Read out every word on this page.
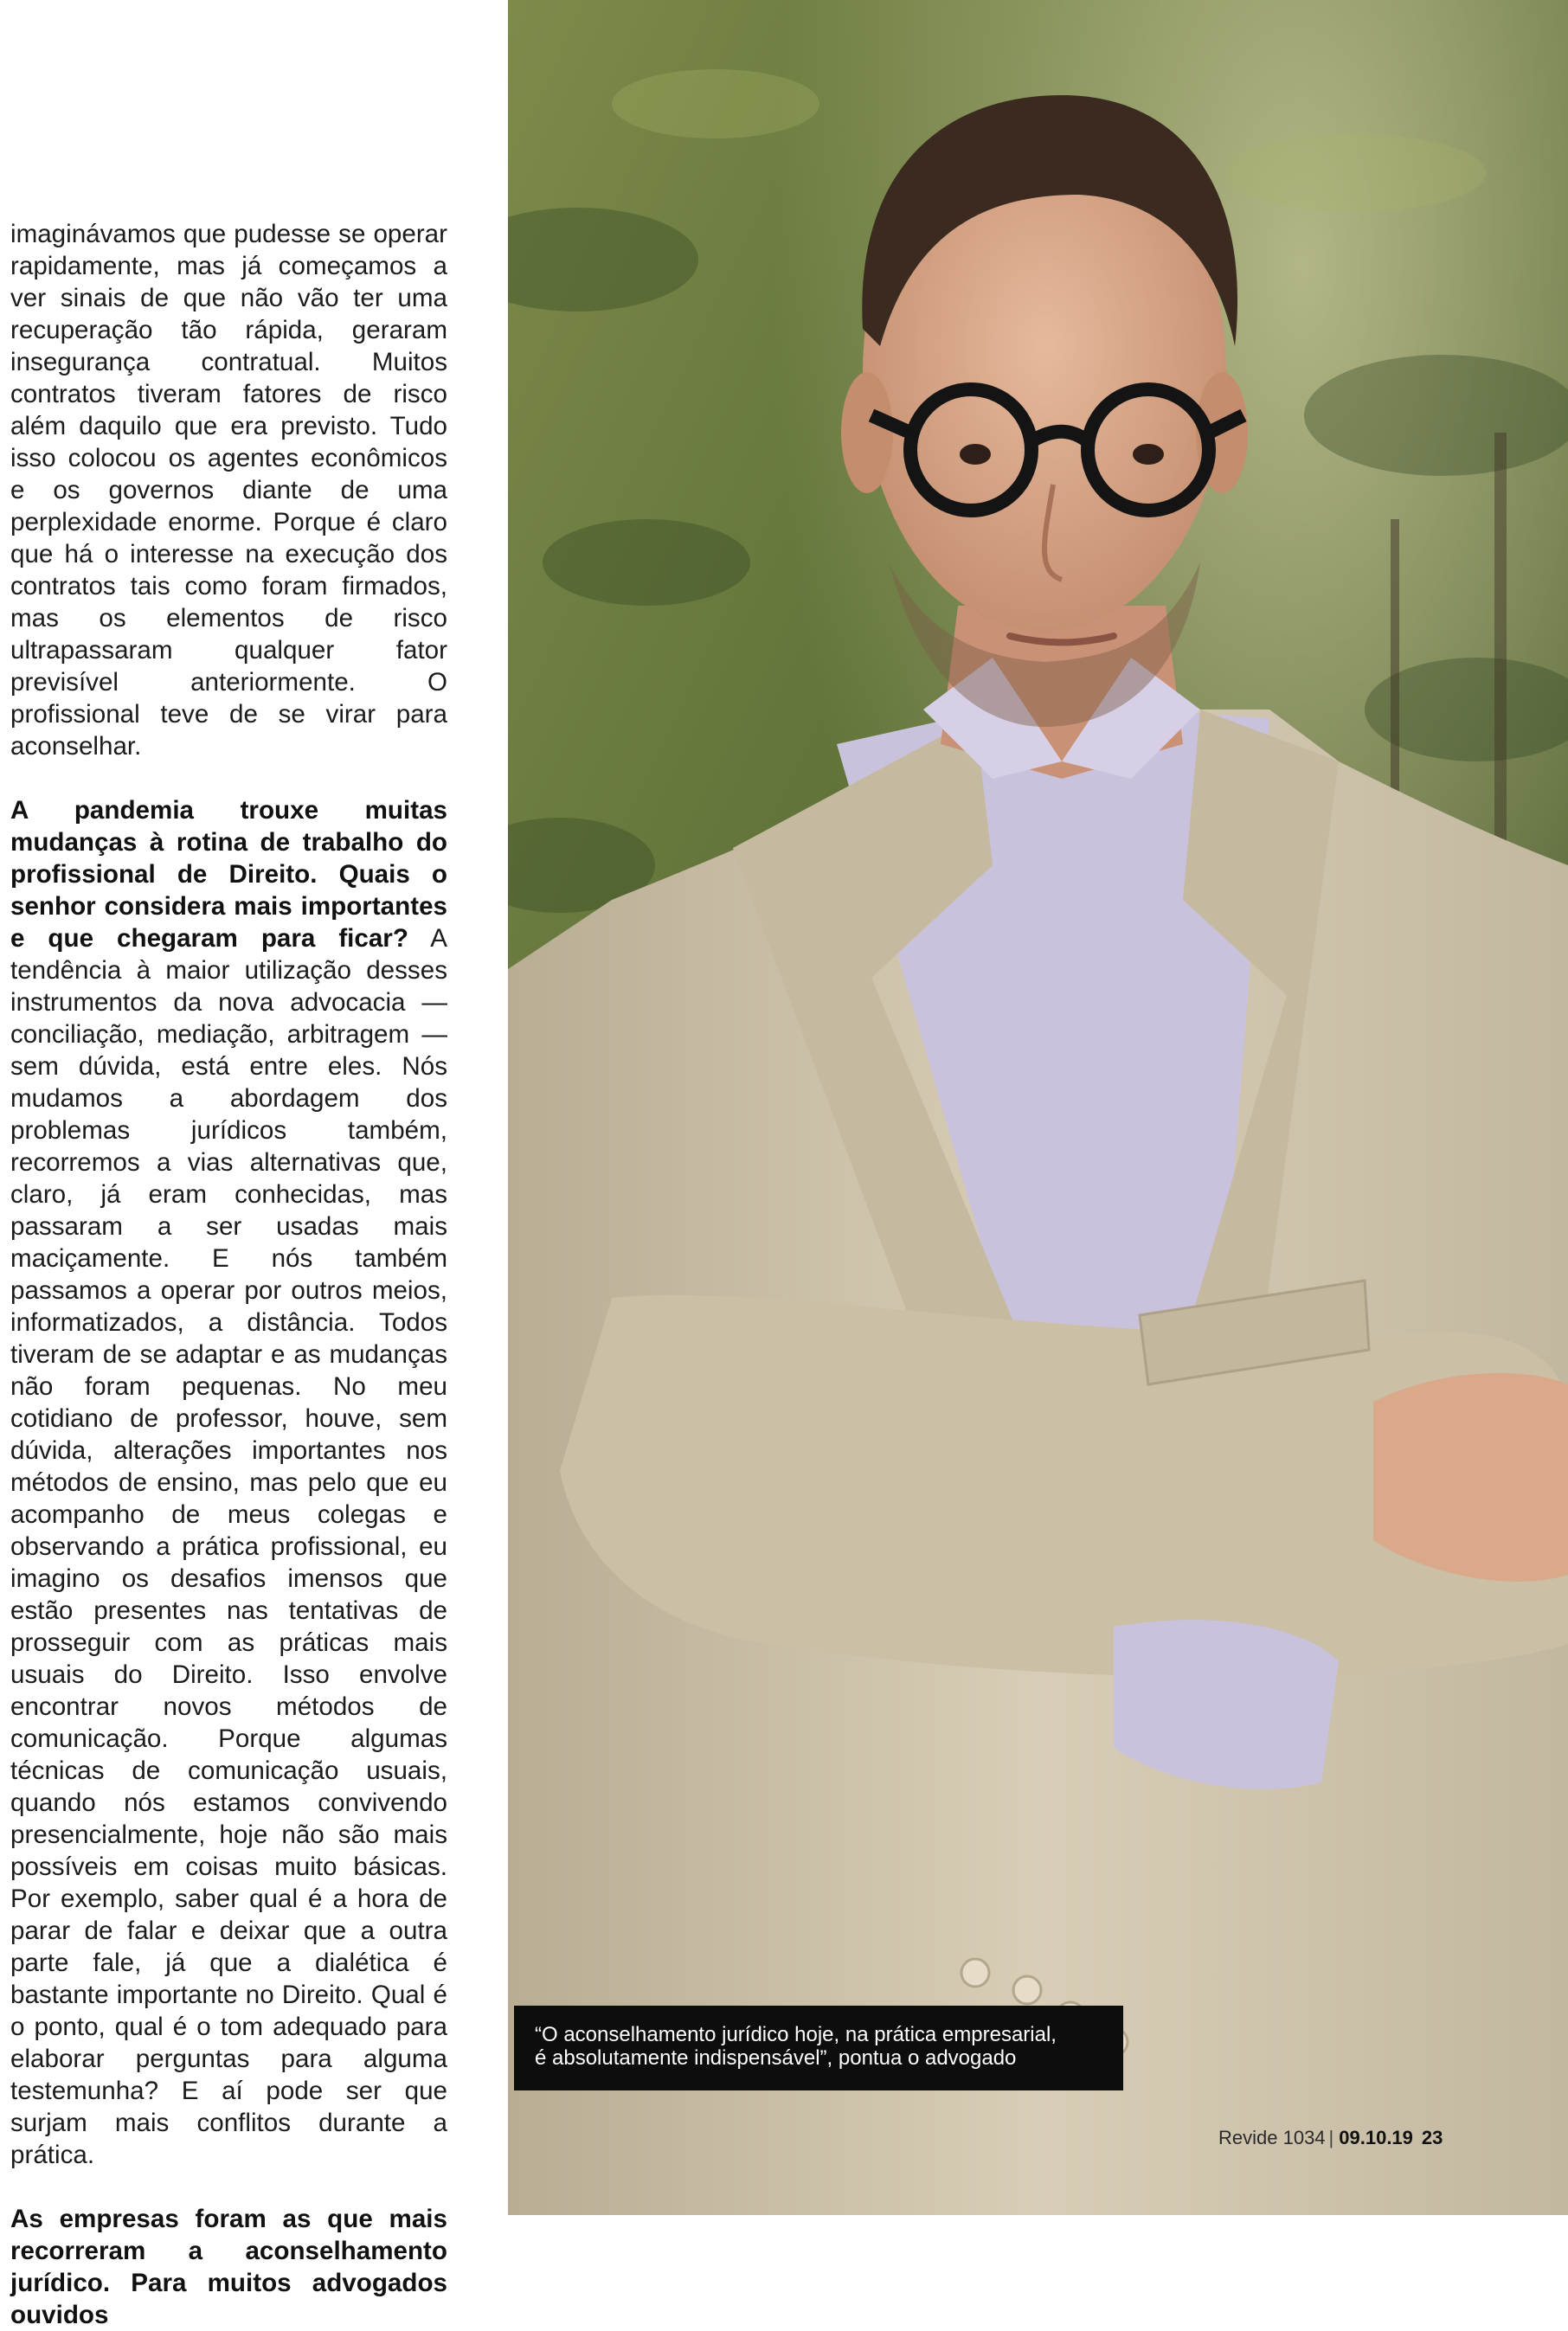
imaginávamos que pudesse se operar rapidamente, mas já começamos a ver sinais de que não vão ter uma recuperação tão rápida, geraram insegurança contratual. Muitos contratos tiveram fatores de risco além daquilo que era previsto. Tudo isso colocou os agentes econômicos e os governos diante de uma perplexidade enorme. Porque é claro que há o interesse na execução dos contratos tais como foram firmados, mas os elementos de risco ultrapassaram qualquer fator previsível anteriormente. O profissional teve de se virar para aconselhar.

A pandemia trouxe muitas mudanças à rotina de trabalho do profissional de Direito. Quais o senhor considera mais importantes e que chegaram para ficar? A tendência à maior utilização desses instrumentos da nova advocacia — conciliação, mediação, arbitragem — sem dúvida, está entre eles. Nós mudamos a abordagem dos problemas jurídicos também, recorremos a vias alternativas que, claro, já eram conhecidas, mas passaram a ser usadas mais maciçamente. E nós também passamos a operar por outros meios, informatizados, a distância. Todos tiveram de se adaptar e as mudanças não foram pequenas. No meu cotidiano de professor, houve, sem dúvida, alterações importantes nos métodos de ensino, mas pelo que eu acompanho de meus colegas e observando a prática profissional, eu imagino os desafios imensos que estão presentes nas tentativas de prosseguir com as práticas mais usuais do Direito. Isso envolve encontrar novos métodos de comunicação. Porque algumas técnicas de comunicação usuais, quando nós estamos convivendo presencialmente, hoje não são mais possíveis em coisas muito básicas. Por exemplo, saber qual é a hora de parar de falar e deixar que a outra parte fale, já que a dialética é bastante importante no Direito. Qual é o ponto, qual é o tom adequado para elaborar perguntas para alguma testemunha? E aí pode ser que surjam mais conflitos durante a prática.

As empresas foram as que mais recorreram a aconselhamento jurídico. Para muitos advogados ouvidos

“O aconselhamento jurídico hoje, na prática empresarial,
é absolutamente indispensável”, pontua o advogado
Revide 1034 | 09.10.19 23
